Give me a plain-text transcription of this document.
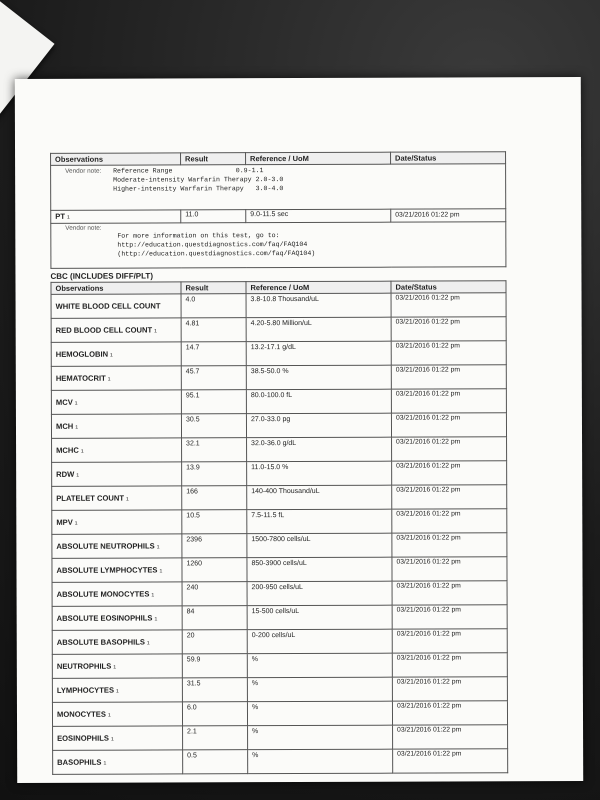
Observations	Result	Reference / UoM	Date/Status

Vendor note: Reference Range                0.9-1.1
Moderate-intensity Warfarin Therapy 2.0-3.0
Higher-intensity Warfarin Therapy   3.0-4.0			

PT 1	11.0	9.0-11.5 sec	03/21/2016 01:22 pm

Vendor note:
For more information on this test, go to:
http://education.questdiagnostics.com/faq/FAQ104
(http://education.questdiagnostics.com/faq/FAQ104)			
CBC (INCLUDES DIFF/PLT)
Observations	Result	Reference / UoM	Date/Status
WHITE BLOOD CELL COUNT	4.0	3.8-10.8 Thousand/uL	03/21/2016 01:22 pm
RED BLOOD CELL COUNT 1	4.81	4.20-5.80 Million/uL	03/21/2016 01:22 pm
HEMOGLOBIN 1	14.7	13.2-17.1 g/dL	03/21/2016 01:22 pm
HEMATOCRIT 1	45.7	38.5-50.0 %	03/21/2016 01:22 pm
MCV 1	95.1	80.0-100.0 fL	03/21/2016 01:22 pm
MCH 1	30.5	27.0-33.0 pg	03/21/2016 01:22 pm
MCHC 1	32.1	32.0-36.0 g/dL	03/21/2016 01:22 pm
RDW 1	13.9	11.0-15.0 %	03/21/2016 01:22 pm
PLATELET COUNT 1	166	140-400 Thousand/uL	03/21/2016 01:22 pm
MPV 1	10.5	7.5-11.5 fL	03/21/2016 01:22 pm
ABSOLUTE NEUTROPHILS 1	2396	1500-7800 cells/uL	03/21/2016 01:22 pm
ABSOLUTE LYMPHOCYTES 1	1260	850-3900 cells/uL	03/21/2016 01:22 pm
ABSOLUTE MONOCYTES 1	240	200-950 cells/uL	03/21/2016 01:22 pm
ABSOLUTE EOSINOPHILS 1	84	15-500 cells/uL	03/21/2016 01:22 pm
ABSOLUTE BASOPHILS 1	20	0-200 cells/uL	03/21/2016 01:22 pm
NEUTROPHILS 1	59.9	%	03/21/2016 01:22 pm
LYMPHOCYTES 1	31.5	%	03/21/2016 01:22 pm
MONOCYTES 1	6.0	%	03/21/2016 01:22 pm
EOSINOPHILS 1	2.1	%	03/21/2016 01:22 pm
BASOPHILS 1	0.5	%	03/21/2016 01:22 pm
